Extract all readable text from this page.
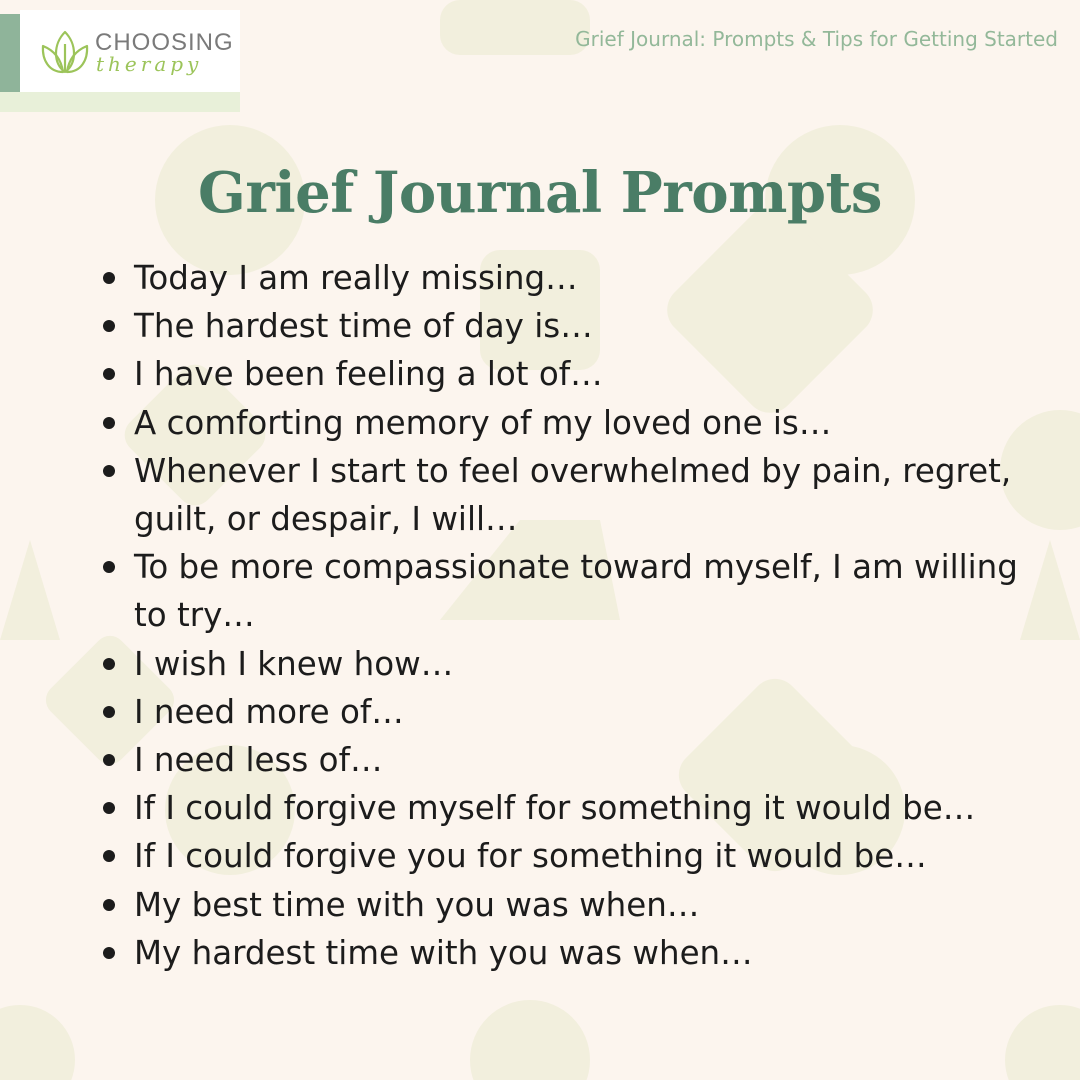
CHOOSING
therapy
Grief Journal: Prompts & Tips for Getting Started
Grief Journal Prompts
Today I am really missing…
The hardest time of day is…
I have been feeling a lot of…
A comforting memory of my loved one is…
Whenever I start to feel overwhelmed by pain, regret, guilt, or despair, I will…
To be more compassionate toward myself, I am willing to try…
I wish I knew how…
I need more of…
I need less of…
If I could forgive myself for something it would be…
If I could forgive you for something it would be…
My best time with you was when…
My hardest time with you was when…
